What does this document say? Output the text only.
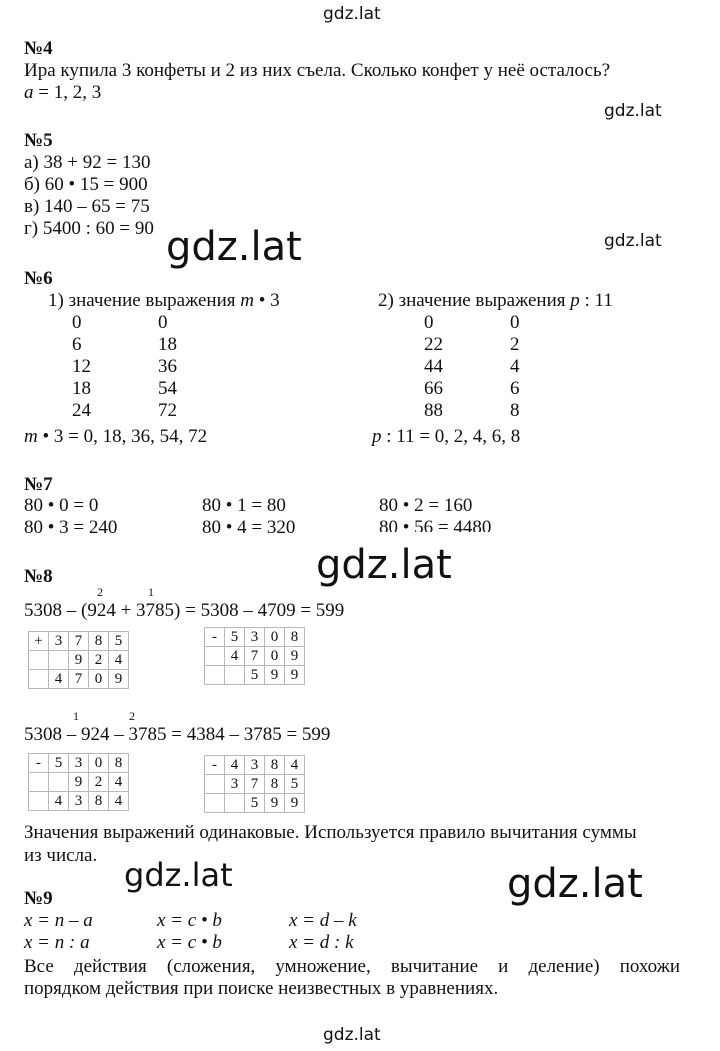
gdz.lat
gdz.lat
gdz.lat	gdz.lat
gdz.lat
gdz.lat	gdz.lat
gdz.lat
№4
Ира купила 3 конфеты и 2 из них съела. Сколько конфет у неё осталось?
a = 1, 2, 3
№5
а) 38 + 92 = 130
б) 60 • 15 = 900
в) 140 – 65 = 75
г) 5400 : 60 = 90
№6
1) значение выражения m • 3	2) значение выражения p : 11
0	0
6	18
12	36
18	54
24	72
0	0
22	2
44	4
66	6
88	8
m • 3 = 0, 18, 36, 54, 72	p : 11 = 0, 2, 4, 6, 8
№7
80 • 0 = 0	80 • 1 = 80	80 • 2 = 160
80 • 3 = 240	80 • 4 = 320	80 • 56 = 4480
№8
2	1
5308 – (924 + 3785) = 5308 – 4709 = 599
+	3	7	8	5
		9	2	4
	4	7	0	9
-	5	3	0	8
	4	7	0	9
		5	9	9
1	2
5308 – 924 – 3785 = 4384 – 3785 = 599
-	5	3	0	8
		9	2	4
	4	3	8	4
-	4	3	8	4
	3	7	8	5
		5	9	9
Значения выражений одинаковые. Используется правило вычитания суммы
из числа.
№9
x = n – a	x = c • b	x = d – k
x = n : a	x = c • b	x = d : k
Все действия (сложения, умножение, вычитание и деление) похожи
порядком действия при поиске неизвестных в уравнениях.
